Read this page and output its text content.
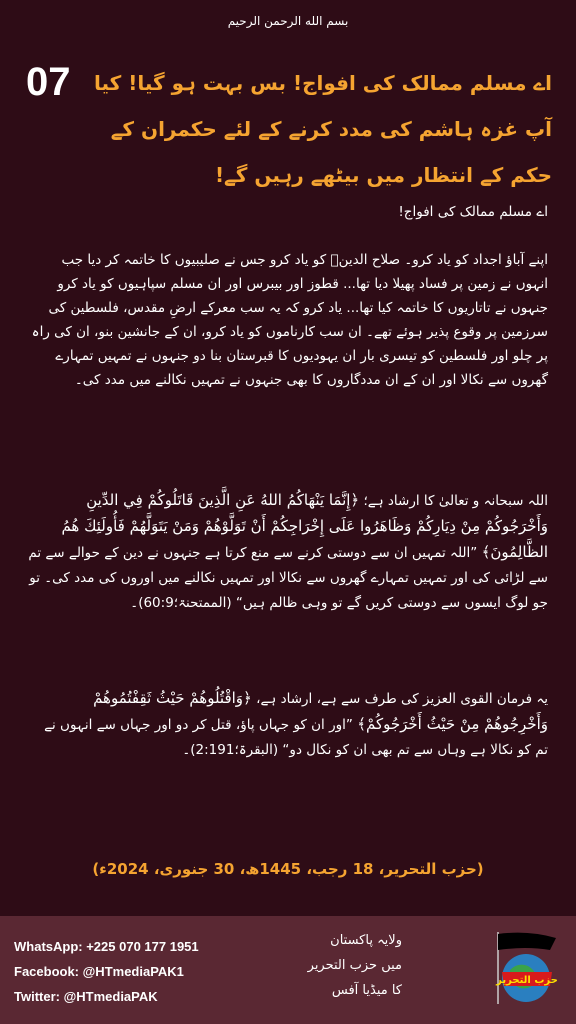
بسم الله الرحمن الرحيم
07 اے مسلم ممالک کی افواج! بس بہت ہو گیا! کیا آپ غزہ ہاشم کی مدد کرنے کے لئے حکمران کے حکم کے انتظار میں بیٹھے رہیں گے!
اے مسلم ممالک کی افواج!
اپنے آباؤ اجداد کو یاد کرو۔ صلاح الدینؒ کو یاد کرو جس نے صلیبیوں کا خاتمہ کر دیا جب انہوں نے زمین پر فساد پھیلا دیا تھا... قطوز اور بیبرس اور ان مسلم سپاہیوں کو یاد کرو جنہوں نے تاتاریوں کا خاتمہ کیا تھا... یاد کرو کہ یہ سب معرکے ارضِ مقدس، فلسطین کی سرزمین پر وقوع پذیر ہوئے تھے۔ ان سب کارناموں کو یاد کرو، ان کے جانشین بنو، ان کی راہ پر چلو اور فلسطین کو تیسری بار ان یہودیوں کا قبرستان بنا دو جنہوں نے تمہیں تمہارے گھروں سے نکالا اور ان کے ان مددگاروں کا بھی جنہوں نے تمہیں نکالنے میں مدد کی۔
اللہ سبحانہ و تعالیٰ کا ارشاد ہے؛ ﴿إِنَّمَا يَنْهَاكُمُ اللهُ عَنِ الَّذِينَ قَاتَلُوكُمْ فِي الدِّينِ وَأَخْرَجُوكُمْ مِنْ دِيَارِكُمْ وَظَاهَرُوا عَلَى إِخْرَاجِكُمْ أَنْ تَوَلَّوْهُمْ وَمَنْ يَتَوَلَّهُمْ فَأُولَئِكَ هُمُ الظَّالِمُونَ﴾ ”اللہ تمہیں ان سے دوستی کرنے سے منع کرتا ہے جنہوں نے دین کے حوالے سے تم سے لڑائی کی اور تمہیں تمہارے گھروں سے نکالا اور تمہیں نکالنے میں اوروں کی مدد کی۔ تو جو لوگ ایسوں سے دوستی کریں گے تو وہی ظالم ہیں“ (الممتحنۃ؛60:9)۔
یہ فرمان القوی العزیز کی طرف سے ہے، ارشاد ہے، ﴿وَاقْتُلُوهُمْ حَيْثُ ثَقِفْتُمُوهُمْ وَأَخْرِجُوهُمْ مِنْ حَيْثُ أَخْرَجُوكُمْ﴾ ”اور ان کو جہاں پاؤ، قتل کر دو اور جہاں سے انہوں نے تم کو نکالا ہے وہاں سے تم بھی ان کو نکال دو“ (البقرۃ؛2:191)۔
(حزب التحریر، 18 رجب، 1445ھ، 30 جنوری، 2024ء)
WhatsApp: +225 070 177 1951
Facebook: @HTmediaPAK1
Twitter: @HTmediaPAK
ولایہ پاکستان
میں حزب التحریر
کا میڈیا آفس
حزب التحریر
